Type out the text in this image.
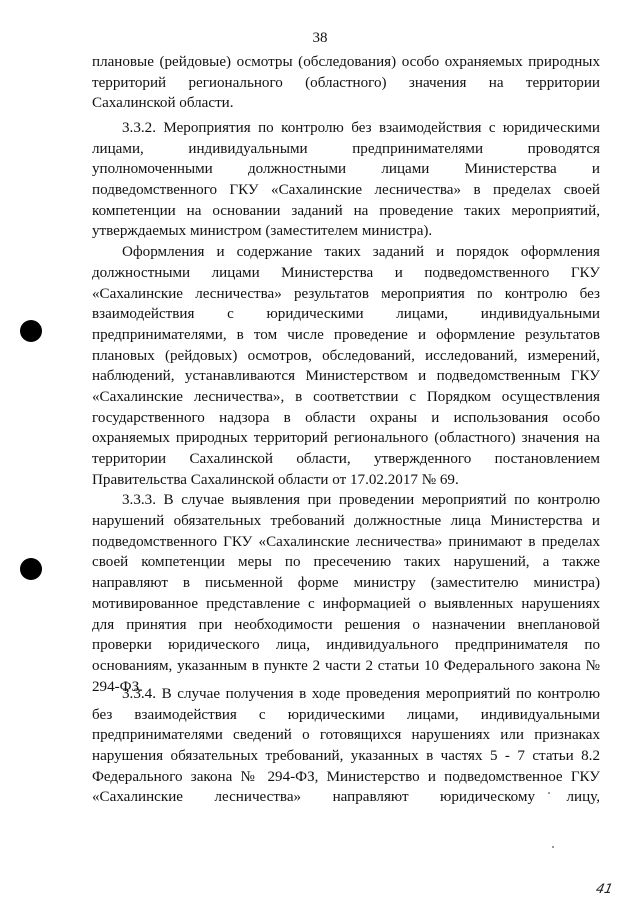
38
плановые (рейдовые) осмотры (обследования) особо охраняемых природных
территорий регионального (областного) значения на территории
Сахалинской области.
3.3.2. Мероприятия по контролю без взаимодействия с юридическими
лицами, индивидуальными предпринимателями проводятся
уполномоченными должностными лицами Министерства и
подведомственного ГКУ «Сахалинские лесничества» в пределах своей
компетенции на основании заданий на проведение таких мероприятий,
утверждаемых министром (заместителем министра).
Оформления и содержание таких заданий и порядок оформления
должностными лицами Министерства и подведомственного ГКУ
«Сахалинские лесничества» результатов мероприятия по контролю без
взаимодействия с юридическими лицами, индивидуальными
предпринимателями, в том числе проведение и оформление результатов
плановых (рейдовых) осмотров, обследований, исследований, измерений,
наблюдений, устанавливаются Министерством и подведомственным ГКУ
«Сахалинские лесничества», в соответствии с Порядком осуществления
государственного надзора в области охраны и использования особо
охраняемых природных территорий регионального (областного) значения на
территории Сахалинской области, утвержденного постановлением
Правительства Сахалинской области от 17.02.2017 № 69.
3.3.3. В случае выявления при проведении мероприятий по контролю
нарушений обязательных требований должностные лица Министерства и
подведомственного ГКУ «Сахалинские лесничества» принимают в пределах
своей компетенции меры по пресечению таких нарушений, а также
направляют в письменной форме министру (заместителю министра)
мотивированное представление с информацией о выявленных нарушениях
для принятия при необходимости решения о назначении внеплановой
проверки юридического лица, индивидуального предпринимателя по
основаниям, указанным в пункте 2 части 2 статьи 10 Федерального закона №
294-ФЗ.
3.3.4. В случае получения в ходе проведения мероприятий по контролю
без взаимодействия с юридическими лицами, индивидуальными
предпринимателями сведений о готовящихся нарушениях или признаках
нарушения обязательных требований, указанных в частях 5 - 7 статьи 8.2
Федерального закона № 294-ФЗ, Министерство и подведомственное ГКУ
«Сахалинские лесничества» направляют юридическому лицу,
41
